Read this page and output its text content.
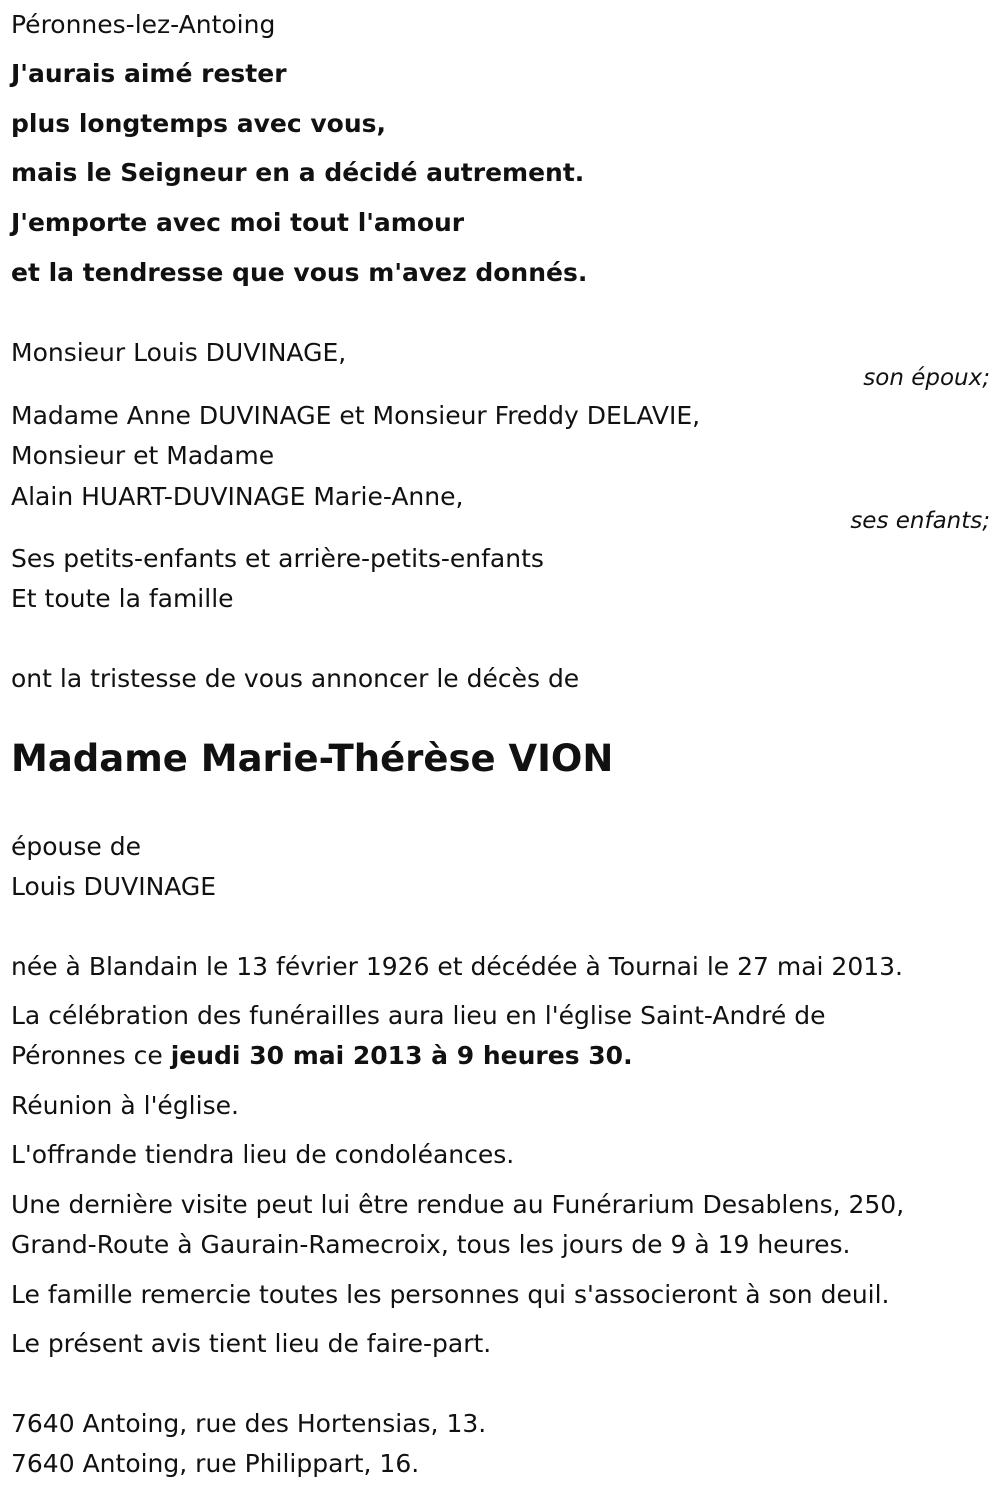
Péronnes-lez-Antoing
J'aurais aimé rester
plus longtemps avec vous,
mais le Seigneur en a décidé autrement.
J'emporte avec moi tout l'amour
et la tendresse que vous m'avez donnés.
Monsieur Louis DUVINAGE,
son époux;
Madame Anne DUVINAGE et Monsieur Freddy DELAVIE,
Monsieur et Madame
Alain HUART-DUVINAGE Marie-Anne,
ses enfants;
Ses petits-enfants et arrière-petits-enfants
Et toute la famille
ont la tristesse de vous annoncer le décès de
Madame Marie-Thérèse VION
épouse de
Louis DUVINAGE
née à Blandain le 13 février 1926 et décédée à Tournai le 27 mai 2013.
La célébration des funérailles aura lieu en l'église Saint-André de
Péronnes ce jeudi 30 mai 2013 à 9 heures 30.
Réunion à l'église.
L'offrande tiendra lieu de condoléances.
Une dernière visite peut lui être rendue au Funérarium Desablens, 250,
Grand-Route à Gaurain-Ramecroix, tous les jours de 9 à 19 heures.
Le famille remercie toutes les personnes qui s'associeront à son deuil.
Le présent avis tient lieu de faire-part.
7640 Antoing, rue des Hortensias, 13.
7640 Antoing, rue Philippart, 16.
